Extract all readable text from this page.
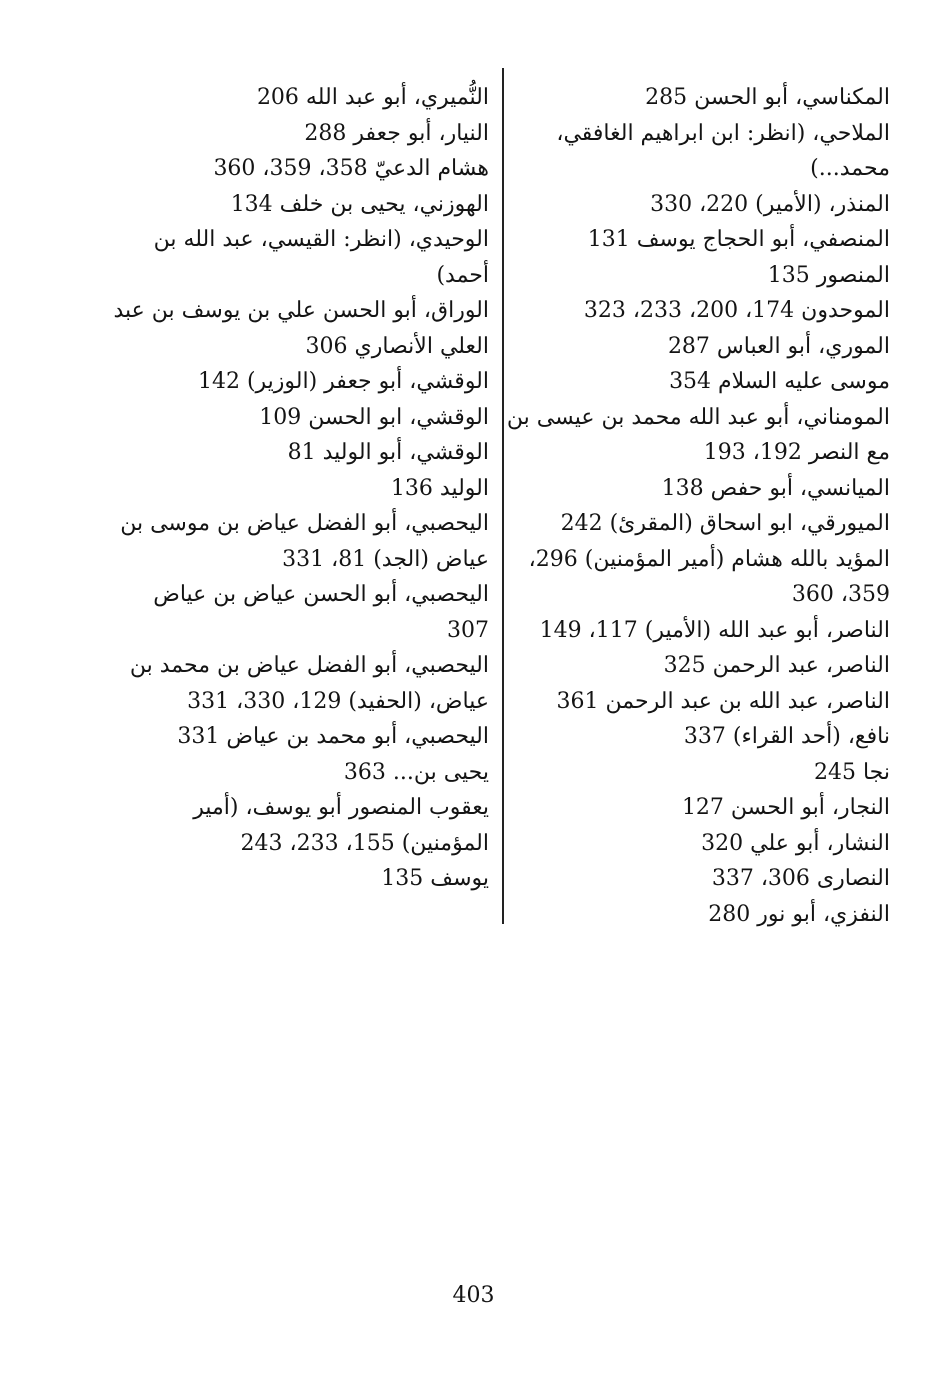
المكناسي، أبو الحسن 285
الملاحي، (انظر: ابن ابراهيم الغافقي،
محمد...)
المنذر، (الأمير) 220، 330
المنصفي، أبو الحجاج يوسف 131
المنصور 135
الموحدون 174، 200، 233، 323
الموري، أبو العباس 287
موسى عليه السلام 354
المومناني، أبو عبد الله محمد بن عيسى بن
مع النصر 192، 193
الميانسي، أبو حفص 138
الميورقي، ابو اسحاق (المقرئ) 242
المؤيد بالله هشام (أمير المؤمنين) 296،
359، 360
الناصر، أبو عبد الله (الأمير) 117، 149
الناصر، عبد الرحمن 325
الناصر، عبد الله بن عبد الرحمن 361
نافع، (أحد القراء) 337
نجا 245
النجار، أبو الحسن 127
النشار، أبو علي 320
النصارى 306، 337
النفزي، أبو نور 280
النُّميري، أبو عبد الله 206
النيار، أبو جعفر 288
هشام الدعيّ 358، 359، 360
الهوزني، يحيى بن خلف 134
الوحيدي، (انظر: القيسي، عبد الله بن
أحمد)
الوراق، أبو الحسن علي بن يوسف بن عبد
العلي الأنصاري 306
الوقشي، أبو جعفر (الوزير) 142
الوقشي، ابو الحسن 109
الوقشي، أبو الوليد 81
الوليد 136
اليحصبي، أبو الفضل عياض بن موسى بن
عياض (الجد) 81، 331
اليحصبي، أبو الحسن عياض بن عياض
307
اليحصبي، أبو الفضل عياض بن محمد بن
عياض، (الحفيد) 129، 330، 331
اليحصبي، أبو محمد بن عياض 331
يحيى بن... 363
يعقوب المنصور أبو يوسف، (أمير
المؤمنين) 155، 233، 243
يوسف 135
403
